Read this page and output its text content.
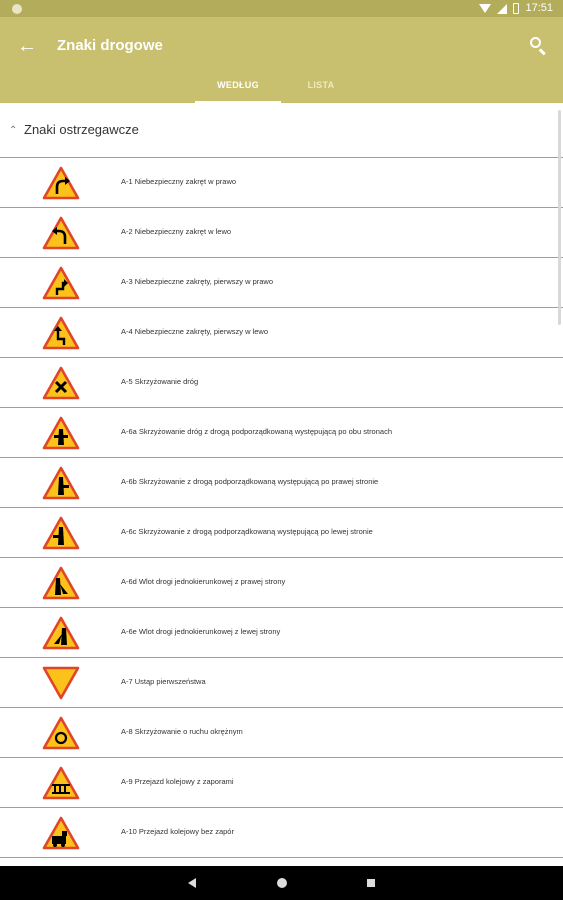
17:51
← Znaki drogowe
WEDŁUG	LISTA
⌃ Znaki ostrzegawcze
A-1 Niebezpieczny zakręt w prawo
A-2 Niebezpieczny zakręt w lewo
A-3 Niebezpieczne zakręty, pierwszy w prawo
A-4 Niebezpieczne zakręty, pierwszy w lewo
A-5 Skrzyżowanie dróg
A-6a Skrzyżowanie dróg z drogą podporządkowaną występującą po obu stronach
A-6b Skrzyżowanie z drogą podporządkowaną występującą po prawej stronie
A-6c Skrzyżowanie z drogą podporządkowaną występującą po lewej stronie
A-6d Wlot drogi jednokierunkowej z prawej strony
A-6e Wlot drogi jednokierunkowej z lewej strony
A-7 Ustąp pierwszeństwa
A-8 Skrzyżowanie o ruchu okrężnym
A-9 Przejazd kolejowy z zaporami
A-10 Przejazd kolejowy bez zapór
